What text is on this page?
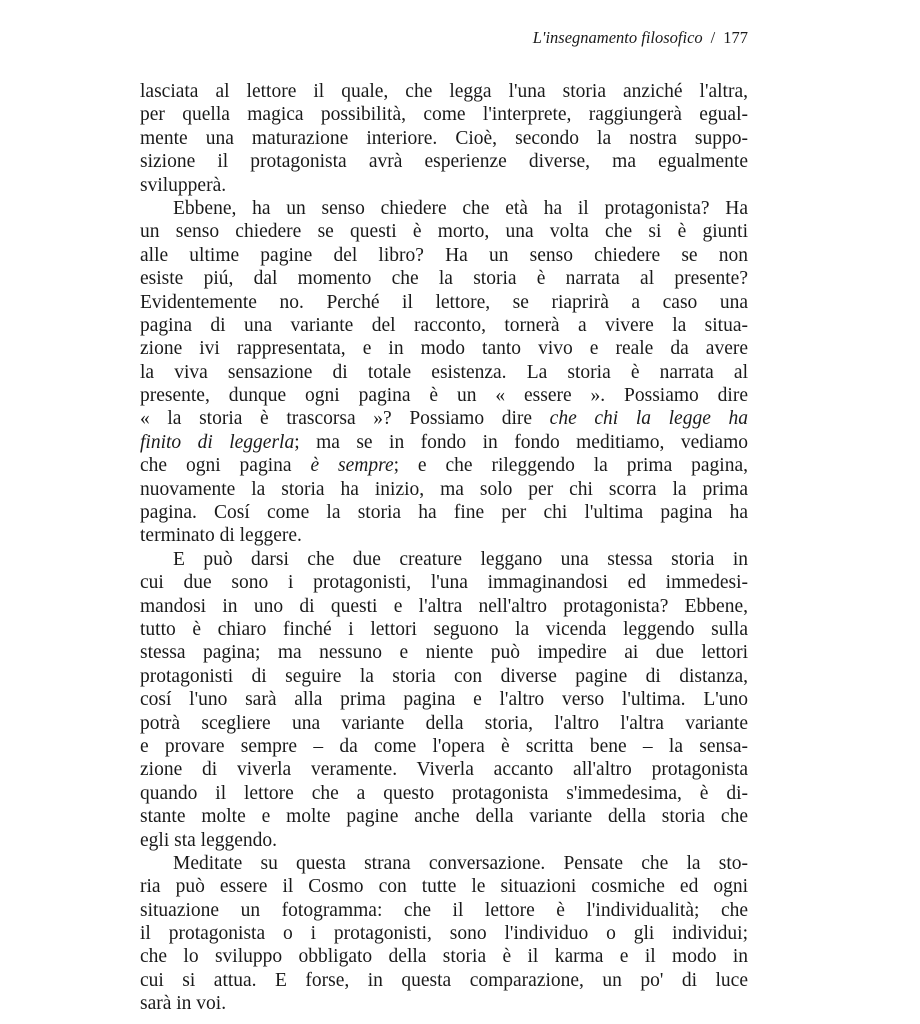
L'insegnamento filosofico / 177
lasciata al lettore il quale, che legga l'una storia anziché l'altra,
per quella magica possibilità, come l'interprete, raggiungerà egual-
mente una maturazione interiore. Cioè, secondo la nostra suppo-
sizione il protagonista avrà esperienze diverse, ma egualmente
svilupperà.
Ebbene, ha un senso chiedere che età ha il protagonista? Ha
un senso chiedere se questi è morto, una volta che si è giunti
alle ultime pagine del libro? Ha un senso chiedere se non
esiste piú, dal momento che la storia è narrata al presente?
Evidentemente no. Perché il lettore, se riaprirà a caso una
pagina di una variante del racconto, tornerà a vivere la situa-
zione ivi rappresentata, e in modo tanto vivo e reale da avere
la viva sensazione di totale esistenza. La storia è narrata al
presente, dunque ogni pagina è un « essere ». Possiamo dire
« la storia è trascorsa »? Possiamo dire che chi la legge ha
finito di leggerla; ma se in fondo in fondo meditiamo, vediamo
che ogni pagina è sempre; e che rileggendo la prima pagina,
nuovamente la storia ha inizio, ma solo per chi scorra la prima
pagina. Cosí come la storia ha fine per chi l'ultima pagina ha
terminato di leggere.
E può darsi che due creature leggano una stessa storia in
cui due sono i protagonisti, l'una immaginandosi ed immedesi-
mandosi in uno di questi e l'altra nell'altro protagonista? Ebbene,
tutto è chiaro finché i lettori seguono la vicenda leggendo sulla
stessa pagina; ma nessuno e niente può impedire ai due lettori
protagonisti di seguire la storia con diverse pagine di distanza,
cosí l'uno sarà alla prima pagina e l'altro verso l'ultima. L'uno
potrà scegliere una variante della storia, l'altro l'altra variante
e provare sempre – da come l'opera è scritta bene – la sensa-
zione di viverla veramente. Viverla accanto all'altro protagonista
quando il lettore che a questo protagonista s'immedesima, è di-
stante molte e molte pagine anche della variante della storia che
egli sta leggendo.
Meditate su questa strana conversazione. Pensate che la sto-
ria può essere il Cosmo con tutte le situazioni cosmiche ed ogni
situazione un fotogramma: che il lettore è l'individualità; che
il protagonista o i protagonisti, sono l'individuo o gli individui;
che lo sviluppo obbligato della storia è il karma e il modo in
cui si attua. E forse, in questa comparazione, un po' di luce
sarà in voi.
